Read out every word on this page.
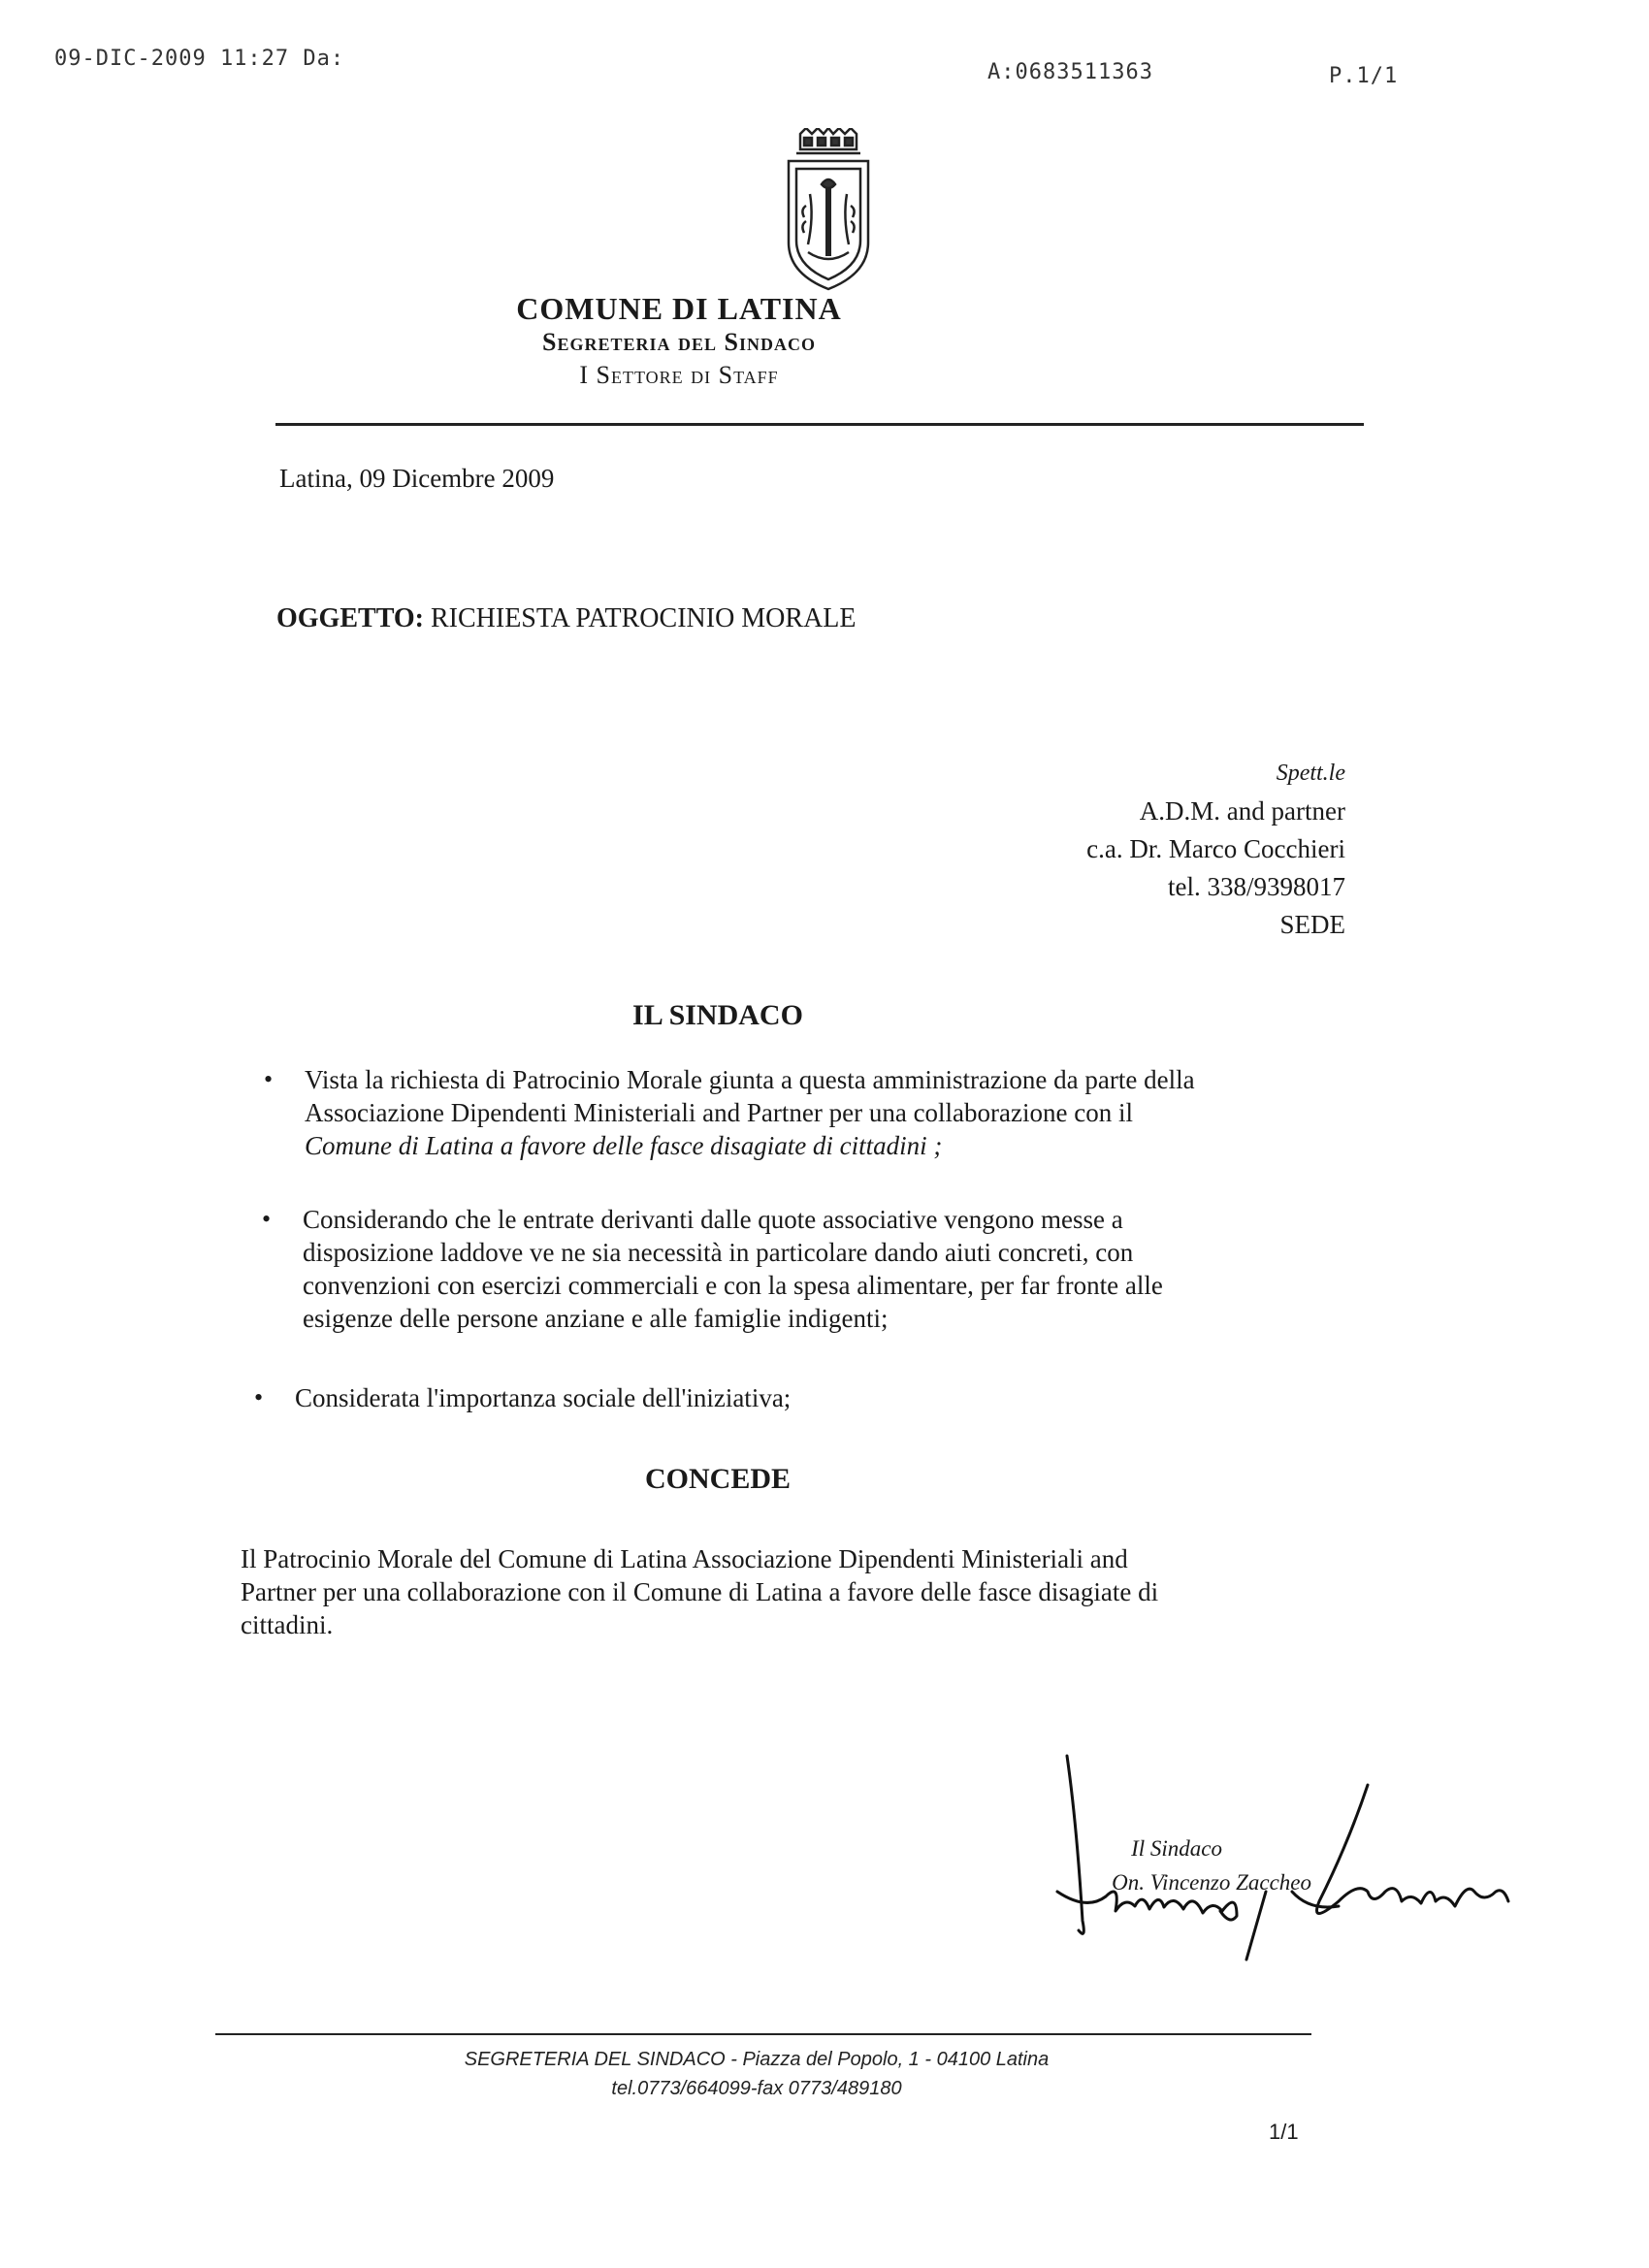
09-DIC-2009 11:27 Da:
A:0683511363	P.1/1
COMUNE DI LATINA
Segreteria del Sindaco
I Settore di Staff
Latina, 09 Dicembre 2009
OGGETTO: RICHIESTA PATROCINIO MORALE
Spett.le
A.D.M. and partner
c.a. Dr. Marco Cocchieri
tel. 338/9398017
SEDE
IL SINDACO
• Vista la richiesta di Patrocinio Morale giunta a questa amministrazione da parte della
Associazione Dipendenti Ministeriali and Partner per una collaborazione con il
Comune di Latina a favore delle fasce disagiate di cittadini ;
• Considerando che le entrate derivanti dalle quote associative vengono messe a
disposizione laddove ve ne sia necessità in particolare dando aiuti concreti, con
convenzioni con esercizi commerciali e con la spesa alimentare, per far fronte alle
esigenze delle persone anziane e alle famiglie indigenti;
• Considerata l'importanza sociale dell'iniziativa;
CONCEDE
Il Patrocinio Morale del Comune di Latina Associazione Dipendenti Ministeriali and
Partner per una collaborazione con il Comune di Latina a favore delle fasce disagiate di
cittadini.
Il Sindaco
On. Vincenzo Zaccheo
SEGRETERIA DEL SINDACO - Piazza del Popolo, 1 - 04100 Latina
tel.0773/664099-fax 0773/489180
1/1
